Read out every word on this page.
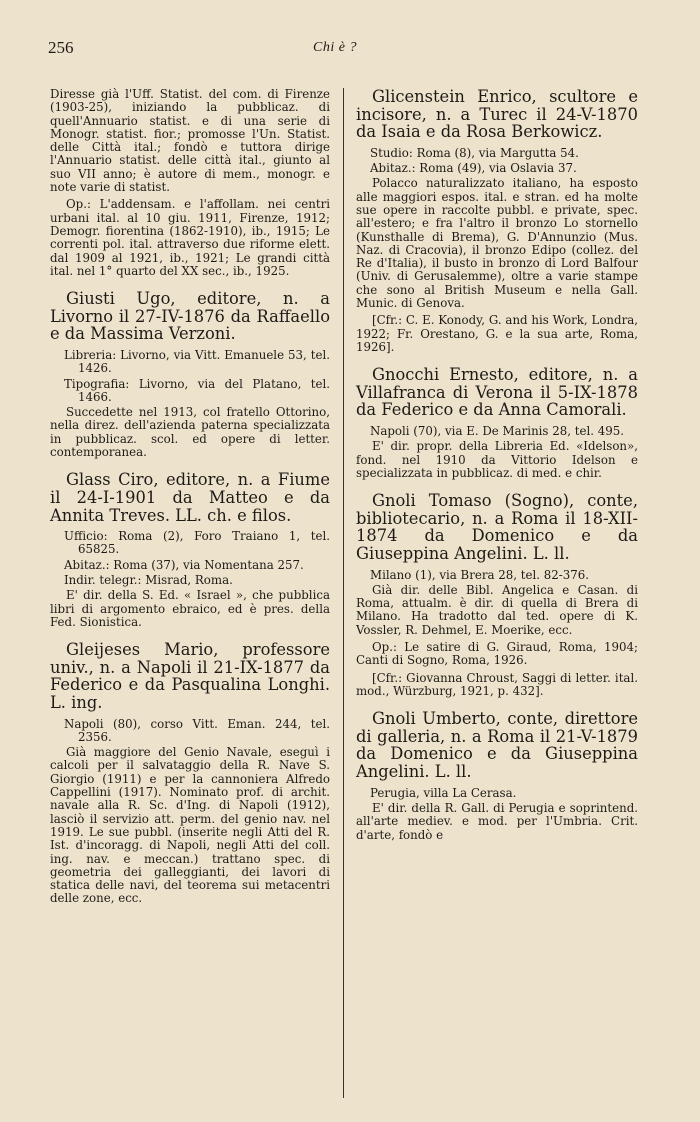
256	Chi è ?

Diresse già l'Uff. Statist. del com. di Firenze (1903-25), iniziando la pubblicaz. di quell'Annuario statist. e di una serie di Monogr. statist. fior.; promosse l'Un. Statist. delle Città ital.; fondò e tuttora dirige l'Annuario statist. delle città ital., giunto al suo VII anno; è autore di mem., monogr. e note varie di statist.

Op.: L'addensam. e l'affollam. nei centri urbani ital. al 10 giu. 1911, Firenze, 1912; Demogr. fiorentina (1862-1910), ib., 1915; Le correnti pol. ital. attraverso due riforme elett. dal 1909 al 1921, ib., 1921; Le grandi città ital. nel 1° quarto del XX sec., ib., 1925.

Giusti Ugo, editore, n. a Livorno il 27-IV-1876 da Raffaello e da Massima Verzoni.

Libreria: Livorno, via Vitt. Emanuele 53, tel. 1426.

Tipografia: Livorno, via del Platano, tel. 1466.

Succedette nel 1913, col fratello Ottorino, nella direz. dell'azienda paterna specializzata in pubblicaz. scol. ed opere di letter. contemporanea.

Glass Ciro, editore, n. a Fiume il 24-I-1901 da Matteo e da Annita Treves. LL. ch. e filos.

Ufficio: Roma (2), Foro Traiano 1, tel. 65825.

Abitaz.: Roma (37), via Nomentana 257.

Indir. telegr.: Misrad, Roma.

E' dir. della S. Ed. « Israel », che pubblica libri di argomento ebraico, ed è pres. della Fed. Sionistica.

Gleijeses Mario, professore univ., n. a Napoli il 21-IX-1877 da Federico e da Pasqualina Longhi. L. ing.

Napoli (80), corso Vitt. Eman. 244, tel. 2356.

Già maggiore del Genio Navale, eseguì i calcoli per il salvataggio della R. Nave S. Giorgio (1911) e per la cannoniera Alfredo Cappellini (1917). Nominato prof. di archit. navale alla R. Sc. d'Ing. di Napoli (1912), lasciò il servizio att. perm. del genio nav. nel 1919. Le sue pubbl. (inserite negli Atti del R. Ist. d'incoragg. di Napoli, negli Atti del coll. ing. nav. e meccan.) trattano spec. di geometria dei galleggianti, dei lavori di statica delle navi, del teorema sui metacentri delle zone, ecc.

Glicenstein Enrico, scultore e incisore, n. a Turec il 24-V-1870 da Isaia e da Rosa Berkowicz.

Studio: Roma (8), via Margutta 54.

Abitaz.: Roma (49), via Oslavia 37.

Polacco naturalizzato italiano, ha esposto alle maggiori espos. ital. e stran. ed ha molte sue opere in raccolte pubbl. e private, spec. all'estero; e fra l'altro il bronzo Lo stornello (Kunsthalle di Brema), G. D'Annunzio (Mus. Naz. di Cracovia), il bronzo Edipo (collez. del Re d'Italia), il busto in bronzo di Lord Balfour (Univ. di Gerusalemme), oltre a varie stampe che sono al British Museum e nella Gall. Munic. di Genova.

[Cfr.: C. E. Konody, G. and his Work, Londra, 1922; Fr. Orestano, G. e la sua arte, Roma, 1926].

Gnocchi Ernesto, editore, n. a Villafranca di Verona il 5-IX-1878 da Federico e da Anna Camorali.

Napoli (70), via E. De Marinis 28, tel. 495.

E' dir. propr. della Libreria Ed. «Idelson», fond. nel 1910 da Vittorio Idelson e specializzata in pubblicaz. di med. e chir.

Gnoli Tomaso (Sogno), conte, bibliotecario, n. a Roma il 18-XII-1874 da Domenico e da Giuseppina Angelini. L. ll.

Milano (1), via Brera 28, tel. 82-376.

Già dir. delle Bibl. Angelica e Casan. di Roma, attualm. è dir. di quella di Brera di Milano. Ha tradotto dal ted. opere di K. Vossler, R. Dehmel, E. Moerike, ecc.

Op.: Le satire di G. Giraud, Roma, 1904; Canti di Sogno, Roma, 1926.

[Cfr.: Giovanna Chroust, Saggi di letter. ital. mod., Würzburg, 1921, p. 432].

Gnoli Umberto, conte, direttore di galleria, n. a Roma il 21-V-1879 da Domenico e da Giuseppina Angelini. L. ll.

Perugia, villa La Cerasa.

E' dir. della R. Gall. di Perugia e soprintend. all'arte mediev. e mod. per l'Umbria. Crit. d'arte, fondò e
